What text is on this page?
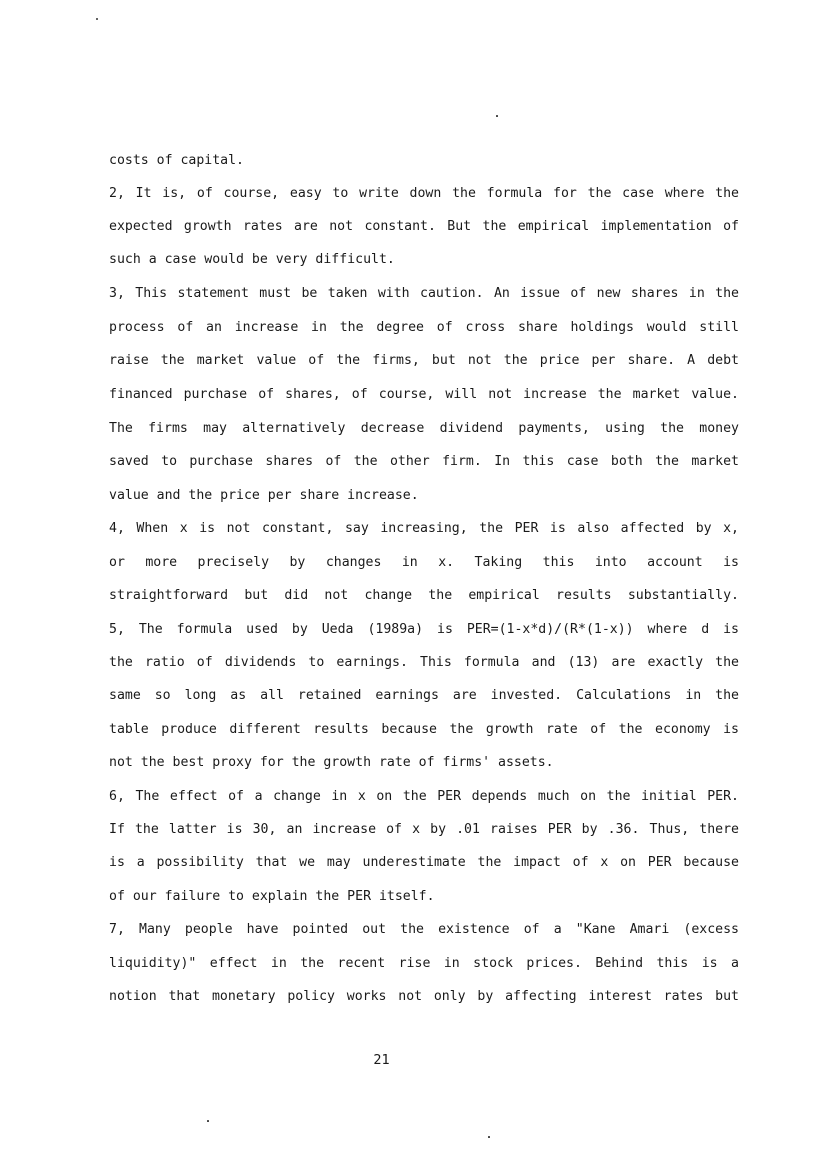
costs of capital.
2, It is, of course, easy to write down the formula for the case where the
expected growth rates are not constant. But the empirical implementation of
such a case would be very difficult.
3, This statement must be taken with caution. An issue of new shares in the
process of an increase in the degree of cross share holdings would still
raise the market value of the firms, but not the price per share. A debt
financed purchase of shares, of course, will not increase the market value.
The firms may alternatively decrease dividend payments, using the money
saved to purchase shares of the other firm. In this case both the market
value and the price per share increase.
4, When x is not constant, say increasing, the PER is also affected by x,
or more precisely by changes in x. Taking this into account is
straightforward but did not change the empirical results substantially.
5, The formula used by Ueda (1989a) is PER=(1-x*d)/(R*(1-x)) where d is
the ratio of dividends to earnings. This formula and (13) are exactly the
same so long as all retained earnings are invested. Calculations in the
table produce different results because the growth rate of the economy is
not the best proxy for the growth rate of firms' assets.
6, The effect of a change in x on the PER depends much on the initial PER.
If the latter is 30, an increase of x by .01 raises PER by .36. Thus, there
is a possibility that we may underestimate the impact of x on PER because
of our failure to explain the PER itself.
7, Many people have pointed out the existence of a "Kane Amari (excess
liquidity)" effect in the recent rise in stock prices. Behind this is a
notion that monetary policy works not only by affecting interest rates but
21
